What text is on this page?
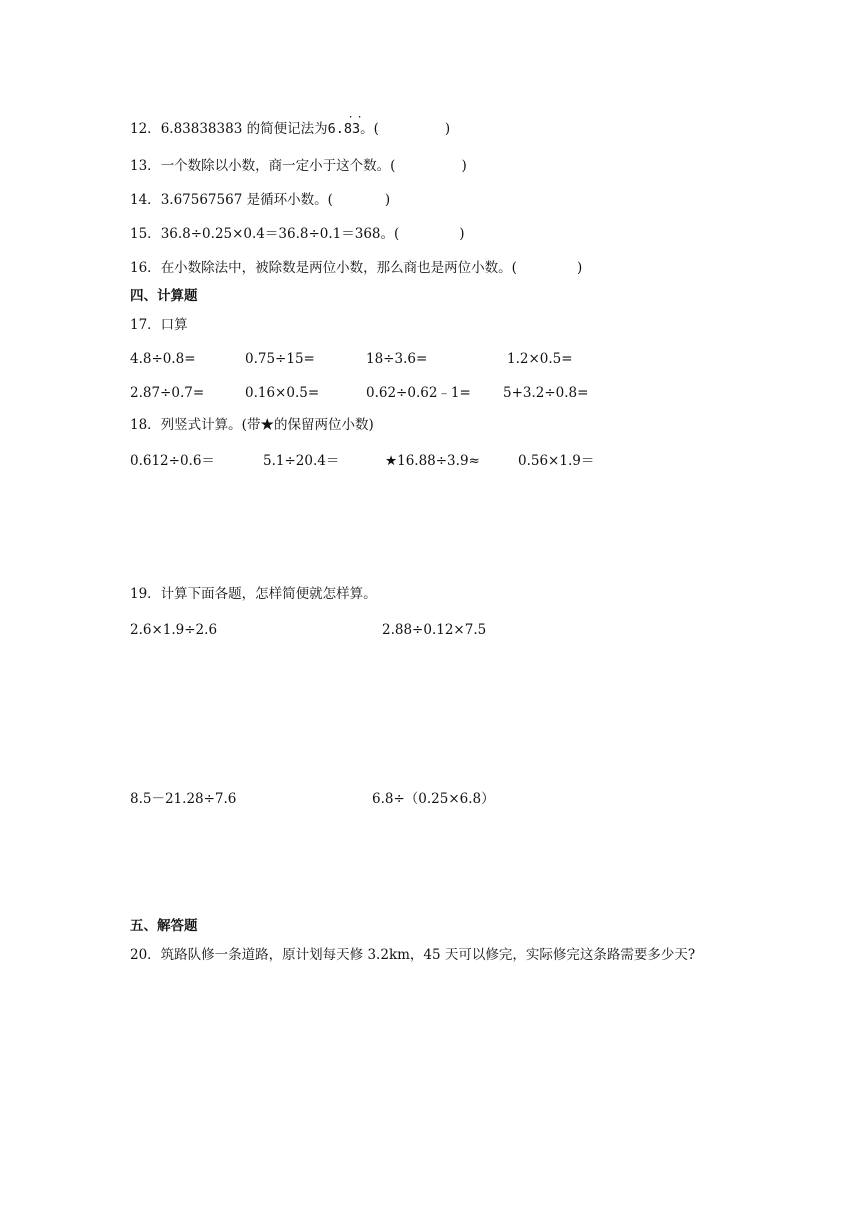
12．6.83838383 的简便记法为6.83
· ·
。(	)
13．一个数除以小数，商一定小于这个数。(	)
14．3.67567567 是循环小数。(	)
15．36.8÷0.25×0.4＝36.8÷0.1＝368。(	)
16．在小数除法中，被除数是两位小数，那么商也是两位小数。(	)
四、计算题
17．口算
4.8÷0.8=	0.75÷15=	18÷3.6=	1.2×0.5=
2.87÷0.7=	0.16×0.5=	0.62÷0.62﹣1= 5+3.2÷0.8=
18．列竖式计算。(带★的保留两位小数)
0.612÷0.6＝	5.1÷20.4＝	★16.88÷3.9≈	0.56×1.9＝
19．计算下面各题，怎样简便就怎样算。
2.6×1.9÷2.6	2.88÷0.12×7.5
8.5－21.28÷7.6	6.8÷（0.25×6.8）
五、解答题
20．筑路队修一条道路，原计划每天修 3.2km，45 天可以修完，实际修完这条路需要多少天?
